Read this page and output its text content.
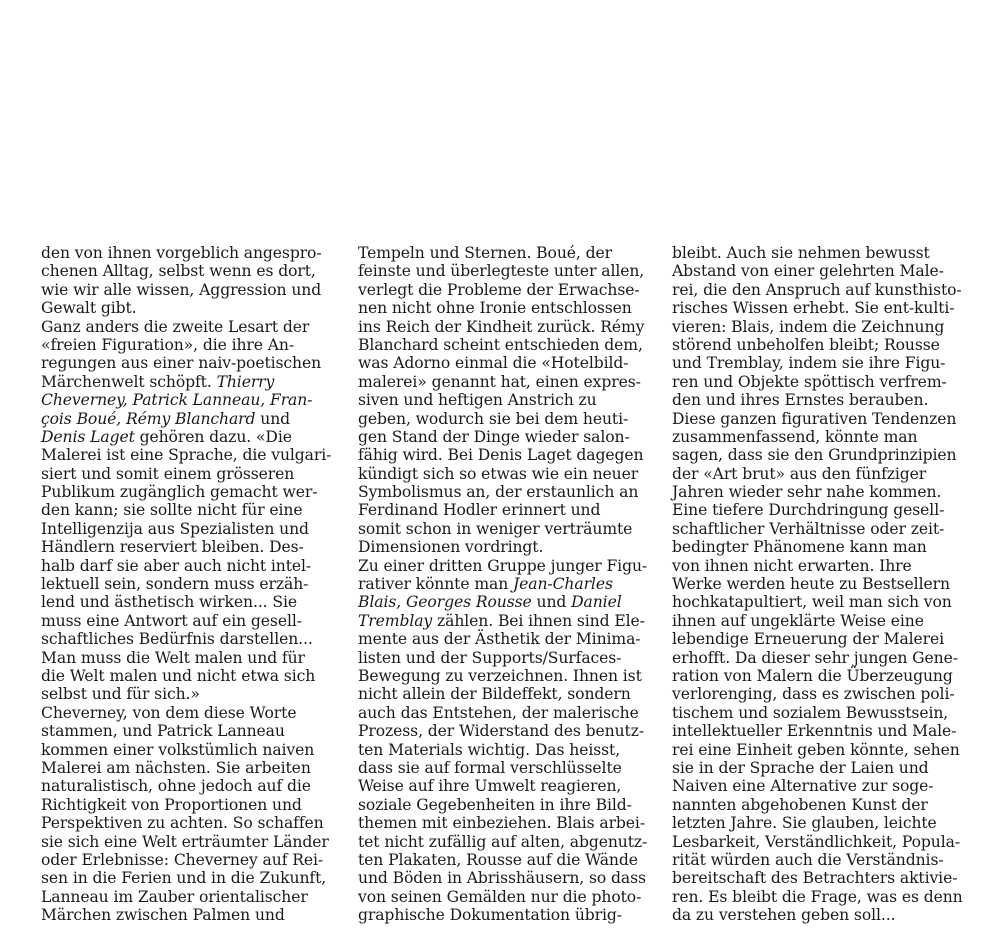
den von ihnen vorgeblich angespro-
chenen Alltag, selbst wenn es dort,
wie wir alle wissen, Aggression und
Gewalt gibt.
Ganz anders die zweite Lesart der
«freien Figuration», die ihre An-
regungen aus einer naiv-poetischen
Märchenwelt schöpft. Thierry
Cheverney, Patrick Lanneau, Fran-
çois Boué, Rémy Blanchard und
Denis Laget gehören dazu. «Die
Malerei ist eine Sprache, die vulgari-
siert und somit einem grösseren
Publikum zugänglich gemacht wer-
den kann; sie sollte nicht für eine
Intelligenzija aus Spezialisten und
Händlern reserviert bleiben. Des-
halb darf sie aber auch nicht intel-
lektuell sein, sondern muss erzäh-
lend und ästhetisch wirken... Sie
muss eine Antwort auf ein gesell-
schaftliches Bedürfnis darstellen...
Man muss die Welt malen und für
die Welt malen und nicht etwa sich
selbst und für sich.»
Cheverney, von dem diese Worte
stammen, und Patrick Lanneau
kommen einer volkstümlich naiven
Malerei am nächsten. Sie arbeiten
naturalistisch, ohne jedoch auf die
Richtigkeit von Proportionen und
Perspektiven zu achten. So schaffen
sie sich eine Welt erträumter Länder
oder Erlebnisse: Cheverney auf Rei-
sen in die Ferien und in die Zukunft,
Lanneau im Zauber orientalischer
Märchen zwischen Palmen und
Tempeln und Sternen. Boué, der
feinste und überlegteste unter allen,
verlegt die Probleme der Erwachse-
nen nicht ohne Ironie entschlossen
ins Reich der Kindheit zurück. Rémy
Blanchard scheint entschieden dem,
was Adorno einmal die «Hotelbild-
malerei» genannt hat, einen expres-
siven und heftigen Anstrich zu
geben, wodurch sie bei dem heuti-
gen Stand der Dinge wieder salon-
fähig wird. Bei Denis Laget dagegen
kündigt sich so etwas wie ein neuer
Symbolismus an, der erstaunlich an
Ferdinand Hodler erinnert und
somit schon in weniger verträumte
Dimensionen vordringt.
Zu einer dritten Gruppe junger Figu-
rativer könnte man Jean-Charles
Blais, Georges Rousse und Daniel
Tremblay zählen. Bei ihnen sind Ele-
mente aus der Ästhetik der Minima-
listen und der Supports/Surfaces-
Bewegung zu verzeichnen. Ihnen ist
nicht allein der Bildeffekt, sondern
auch das Entstehen, der malerische
Prozess, der Widerstand des benutz-
ten Materials wichtig. Das heisst,
dass sie auf formal verschlüsselte
Weise auf ihre Umwelt reagieren,
soziale Gegebenheiten in ihre Bild-
themen mit einbeziehen. Blais arbei-
tet nicht zufällig auf alten, abgenutz-
ten Plakaten, Rousse auf die Wände
und Böden in Abrisshäusern, so dass
von seinen Gemälden nur die photo-
graphische Dokumentation übrig-
bleibt. Auch sie nehmen bewusst
Abstand von einer gelehrten Male-
rei, die den Anspruch auf kunsthisto-
risches Wissen erhebt. Sie ent-kulti-
vieren: Blais, indem die Zeichnung
störend unbeholfen bleibt; Rousse
und Tremblay, indem sie ihre Figu-
ren und Objekte spöttisch verfrem-
den und ihres Ernstes berauben.
Diese ganzen figurativen Tendenzen
zusammenfassend, könnte man
sagen, dass sie den Grundprinzipien
der «Art brut» aus den fünfziger
Jahren wieder sehr nahe kommen.
Eine tiefere Durchdringung gesell-
schaftlicher Verhältnisse oder zeit-
bedingter Phänomene kann man
von ihnen nicht erwarten. Ihre
Werke werden heute zu Bestsellern
hochkatapultiert, weil man sich von
ihnen auf ungeklärte Weise eine
lebendige Erneuerung der Malerei
erhofft. Da dieser sehr jungen Gene-
ration von Malern die Überzeugung
verlorenging, dass es zwischen poli-
tischem und sozialem Bewusstsein,
intellektueller Erkenntnis und Male-
rei eine Einheit geben könnte, sehen
sie in der Sprache der Laien und
Naiven eine Alternative zur soge-
nannten abgehobenen Kunst der
letzten Jahre. Sie glauben, leichte
Lesbarkeit, Verständlichkeit, Popula-
rität würden auch die Verständnis-
bereitschaft des Betrachters aktivie-
ren. Es bleibt die Frage, was es denn
da zu verstehen geben soll...
